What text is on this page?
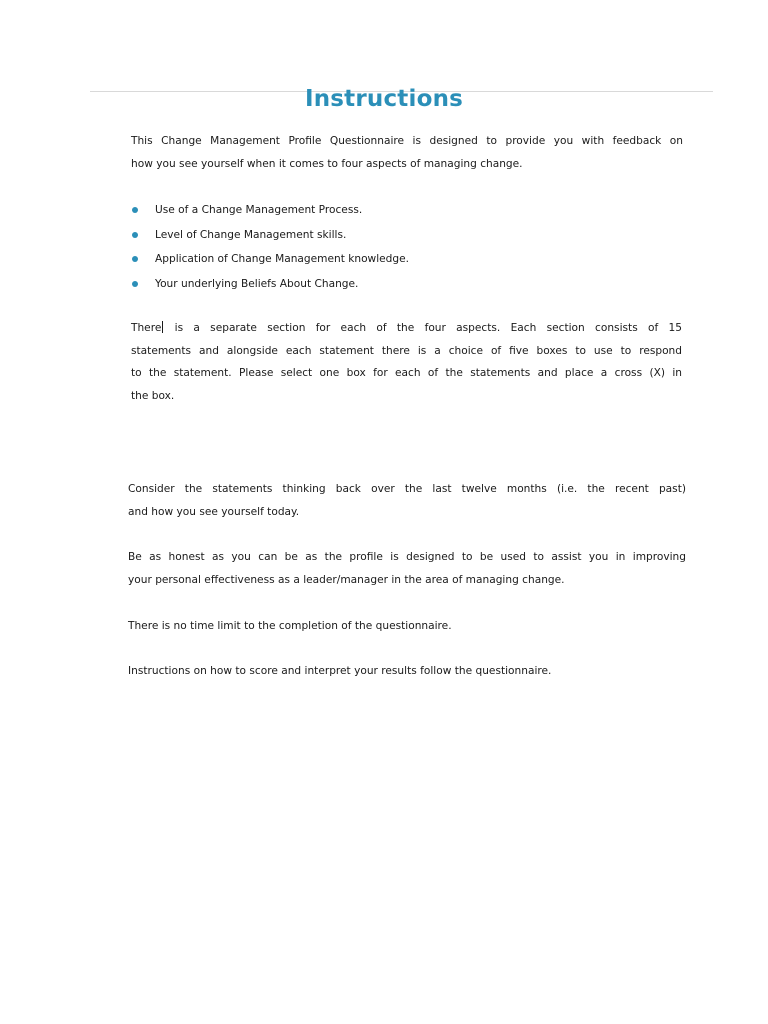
Instructions

This Change Management Profile Questionnaire is designed to provide you with feedback on
how you see yourself when it comes to four aspects of managing change.

Use of a Change Management Process.
Level of Change Management skills.
Application of Change Management knowledge.
Your underlying Beliefs About Change.

There is a separate section for each of the four aspects. Each section consists of 15
statements and alongside each statement there is a choice of five boxes to use to respond
to the statement. Please select one box for each of the statements and place a cross (X) in
the box.

Consider the statements thinking back over the last twelve months (i.e. the recent past)
and how you see yourself today.

Be as honest as you can be as the profile is designed to be used to assist you in improving
your personal effectiveness as a leader/manager in the area of managing change.

There is no time limit to the completion of the questionnaire.

Instructions on how to score and interpret your results follow the questionnaire.
